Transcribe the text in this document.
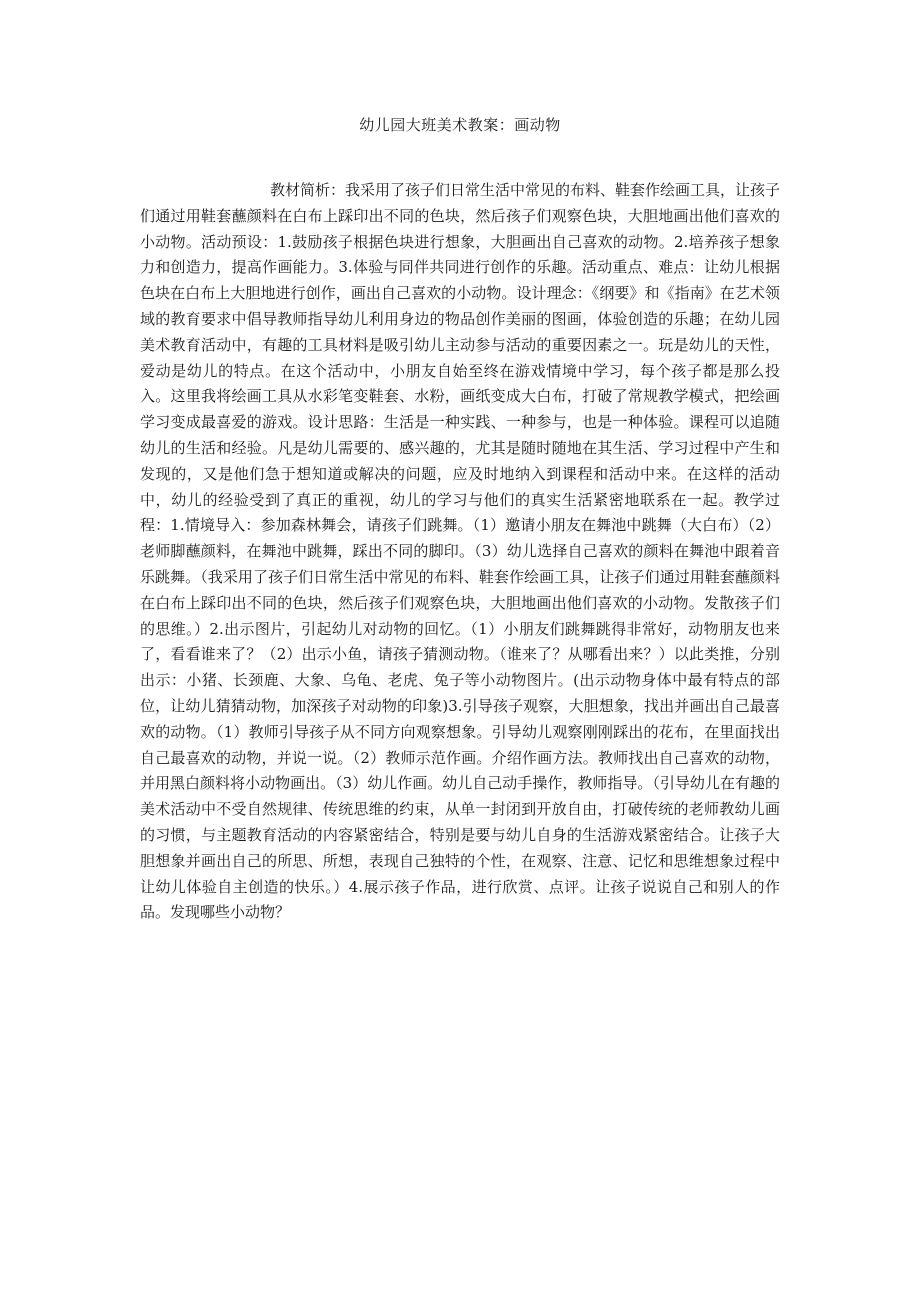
幼儿园大班美术教案：画动物

教材简析：我采用了孩子们日常生活中常见的布料、鞋套作绘画工具，让孩子们通过用鞋套蘸颜料在白布上踩印出不同的色块，然后孩子们观察色块，大胆地画出他们喜欢的小动物。活动预设：1.鼓励孩子根据色块进行想象，大胆画出自己喜欢的动物。2.培养孩子想象力和创造力，提高作画能力。3.体验与同伴共同进行创作的乐趣。活动重点、难点：让幼儿根据色块在白布上大胆地进行创作，画出自己喜欢的小动物。设计理念：《纲要》和《指南》在艺术领域的教育要求中倡导教师指导幼儿利用身边的物品创作美丽的图画，体验创造的乐趣；在幼儿园美术教育活动中，有趣的工具材料是吸引幼儿主动参与活动的重要因素之一。玩是幼儿的天性，爱动是幼儿的特点。在这个活动中，小朋友自始至终在游戏情境中学习，每个孩子都是那么投入。这里我将绘画工具从水彩笔变鞋套、水粉，画纸变成大白布，打破了常规教学模式，把绘画学习变成最喜爱的游戏。设计思路：生活是一种实践、一种参与，也是一种体验。课程可以追随幼儿的生活和经验。凡是幼儿需要的、感兴趣的，尤其是随时随地在其生活、学习过程中产生和发现的，又是他们急于想知道或解决的问题，应及时地纳入到课程和活动中来。在这样的活动中，幼儿的经验受到了真正的重视，幼儿的学习与他们的真实生活紧密地联系在一起。教学过程：1.情境导入：参加森林舞会，请孩子们跳舞。（1）邀请小朋友在舞池中跳舞（大白布）（2）老师脚蘸颜料，在舞池中跳舞，踩出不同的脚印。（3）幼儿选择自己喜欢的颜料在舞池中跟着音乐跳舞。（我采用了孩子们日常生活中常见的布料、鞋套作绘画工具，让孩子们通过用鞋套蘸颜料在白布上踩印出不同的色块，然后孩子们观察色块，大胆地画出他们喜欢的小动物。发散孩子们的思维。）2.出示图片，引起幼儿对动物的回忆。（1）小朋友们跳舞跳得非常好，动物朋友也来了，看看谁来了？（2）出示小鱼，请孩子猜测动物。（谁来了？从哪看出来？）以此类推，分别出示：小猪、长颈鹿、大象、乌龟、老虎、兔子等小动物图片。(出示动物身体中最有特点的部位，让幼儿猜猜动物，加深孩子对动物的印象)3.引导孩子观察，大胆想象，找出并画出自己最喜欢的动物。（1）教师引导孩子从不同方向观察想象。引导幼儿观察刚刚踩出的花布，在里面找出自己最喜欢的动物，并说一说。（2）教师示范作画。介绍作画方法。教师找出自己喜欢的动物，并用黑白颜料将小动物画出。（3）幼儿作画。幼儿自己动手操作，教师指导。（引导幼儿在有趣的美术活动中不受自然规律、传统思维的约束，从单一封闭到开放自由，打破传统的老师教幼儿画的习惯，与主题教育活动的内容紧密结合，特别是要与幼儿自身的生活游戏紧密结合。让孩子大胆想象并画出自己的所思、所想，表现自己独特的个性，在观察、注意、记忆和思维想象过程中让幼儿体验自主创造的快乐。）4.展示孩子作品，进行欣赏、点评。让孩子说说自己和别人的作品。发现哪些小动物？
